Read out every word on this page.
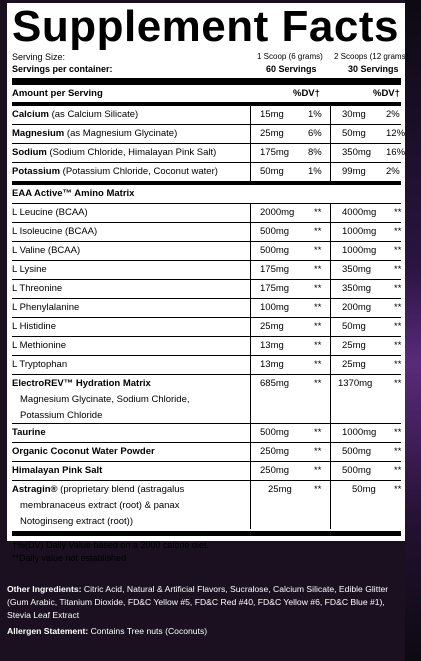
Supplement Facts
Serving Size:
Servings per container:
1 Scoop (6 grams) 2 Scoops (12 grams)
60 Servings	30 Servings
Amount per Serving	%DV†	%DV†
Calcium (as Calcium Silicate)	15mg	1% 30mg 2%
Magnesium (as Magnesium Glycinate)	25mg	6% 50mg 12%
Sodium (Sodium Chloride, Himalayan Pink Salt)	175mg 8% 350mg 16%
Potassium (Potassium Chloride, Coconut water)	50mg	1% 99mg 2%
EAA Active™ Amino Matrix
L Leucine (BCAA)	2000mg ** 4000mg **
L Isoleucine (BCAA)	500mg	** 1000mg **
L Valine (BCAA)	500mg	** 1000mg **
L Lysine	175mg	** 350mg **
L Threonine	175mg	** 350mg **
L Phenylalanine	100mg	** 200mg **
L Histidine	25mg	** 50mg	**
L Methionine	13mg	** 25mg	**
L Tryptophan	13mg	** 25mg	**
ElectroREV™ Hydration Matrix	685mg	** 1370mg **
Magnesium Glycinate, Sodium Chloride,
Potassium Chloride
Taurine	500mg	** 1000mg **
Organic Coconut Water Powder	250mg	** 500mg **
Himalayan Pink Salt	250mg	** 500mg **
Astragin® (proprietary blend (astragalus	25mg **	50mg **
membranaceus extract (root) & panax
Notoginseng extract (root))
†%(DV) Daily Value based on a 2000 calorie diet.
**Daily value not established

Other Ingredients: Citric Acid, Natural & Artificial Flavors, Sucralose, Calcium Silicate, Edible Glitter (Gum Arabic, Titanium Dioxide, FD&C Yellow #5, FD&C Red #40, FD&C Yellow #6, FD&C Blue #1), Stevia Leaf Extract

Allergen Statement: Contains Tree nuts (Coconuts)
